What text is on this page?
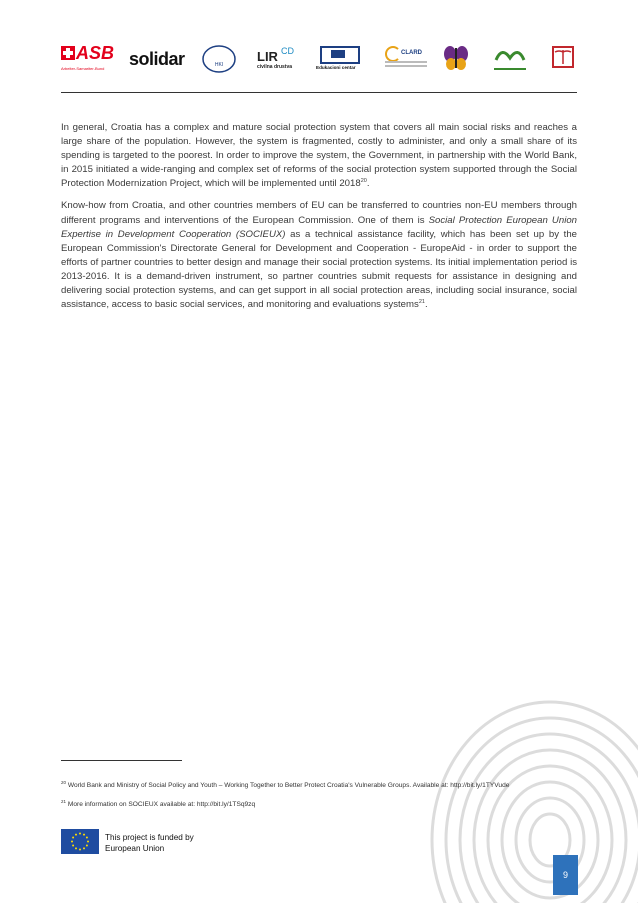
ASB
Arbeiter-Samariter-Bund	solidar	HKI
LIR CD
civilna drustva	Edukacioni centar
CLARD

In general, Croatia has a complex and mature social protection system that covers all main social risks and reaches a large share of the population. However, the system is fragmented, costly to administer, and only a small share of its spending is targeted to the poorest. In order to improve the system, the Government, in partnership with the World Bank, in 2015 initiated a wide-ranging and complex set of reforms of the social protection system supported through the Social Protection Modernization Project, which will be implemented until 2018$^{20}$.

Know-how from Croatia, and other countries members of EU can be transferred to countries non-EU members through different programs and interventions of the European Commission. One of them is Social Protection European Union Expertise in Development Cooperation (SOCIEUX) as a technical assistance facility, which has been set up by the European Commission's Directorate General for Development and Cooperation - EuropeAid - in order to support the efforts of partner countries to better design and manage their social protection systems. Its initial implementation period is 2013-2016. It is a demand-driven instrument, so partner countries submit requests for assistance in designing and delivering social protection systems, and can get support in all social protection areas, including social insurance, social assistance, access to basic social services, and monitoring and evaluations systems$^{21}$.

$^{20}$ World Bank and Ministry of Social Policy and Youth – Working Together to Better Protect Croatia's Vulnerable Groups. Available at: http://bit.ly/1TYVude
$^{21}$ More information on SOCIEUX available at: http://bit.ly/1TSq9zq
This project is funded by
European Union
9
